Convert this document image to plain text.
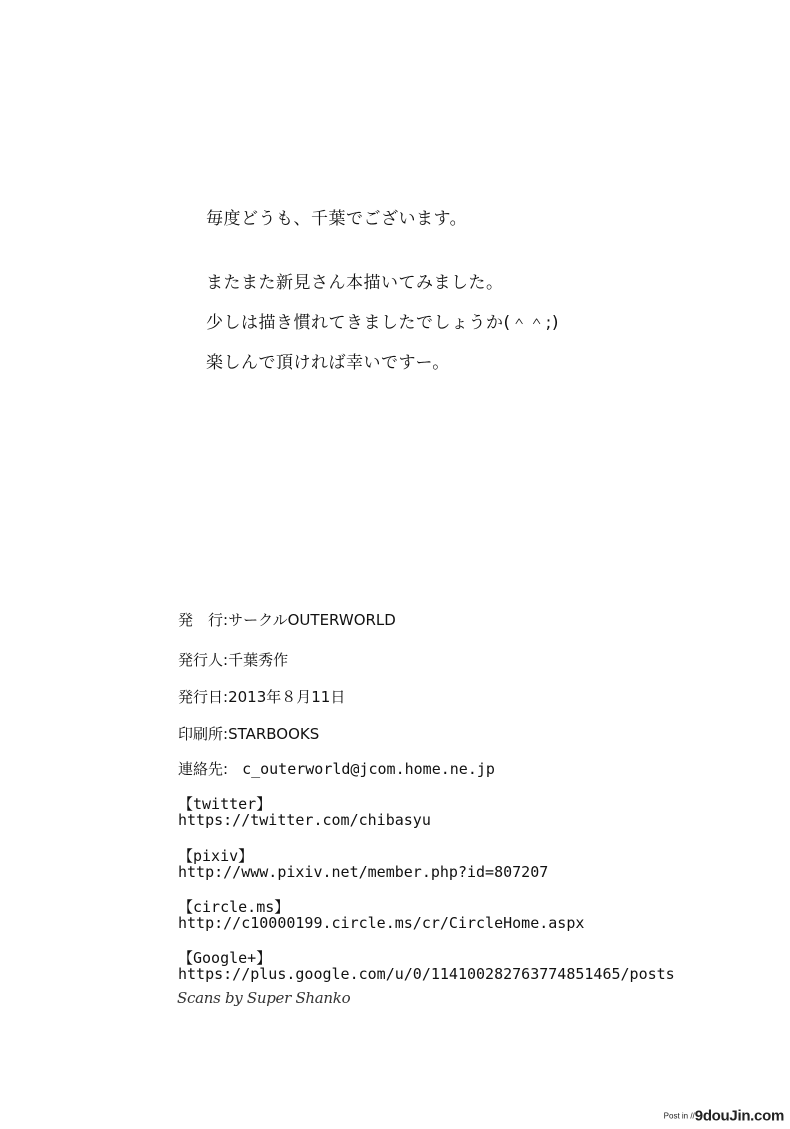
毎度どうも、千葉でございます。
またまた新見さん本描いてみました。
少しは描き慣れてきましたでしょうか(＾＾;)
楽しんで頂ければ幸いですー。
発　行:サークルOUTERWORLD
発行人:千葉秀作
発行日:2013年８月11日
印刷所:STARBOOKS
連絡先: c_outerworld@jcom.home.ne.jp
【twitter】
https://twitter.com/chibasyu
【pixiv】
http://www.pixiv.net/member.php?id=807207
【circle.ms】
http://c10000199.circle.ms/cr/CircleHome.aspx
【Google+】
https://plus.google.com/u/0/114100282763774851465/posts
Scans by Super Shanko
Post in //9douJin.com
